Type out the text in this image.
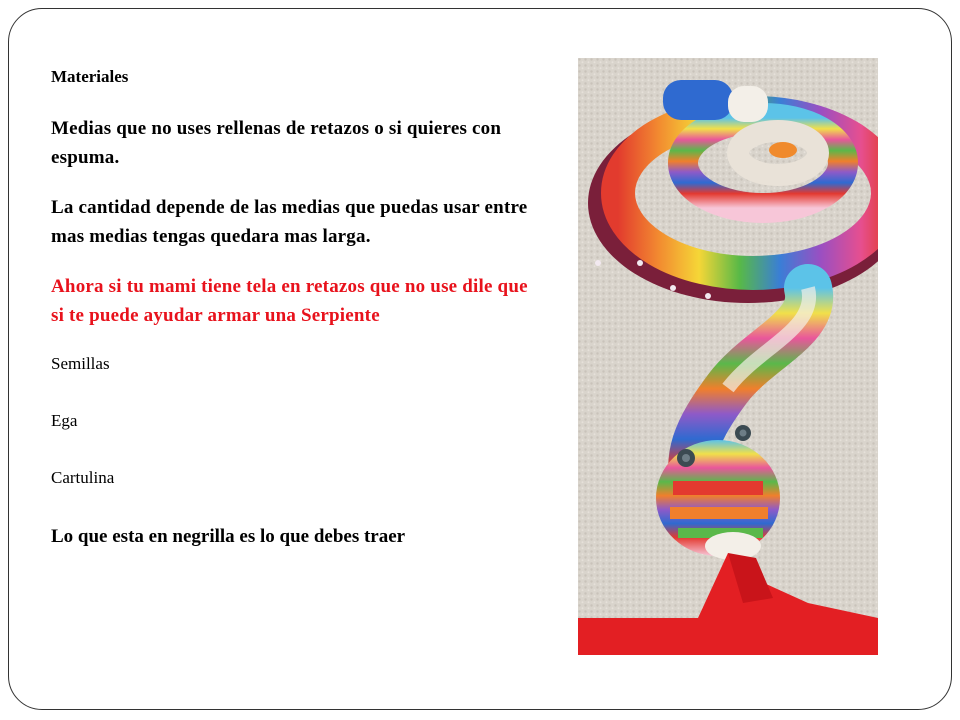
Materiales
Medias que no uses rellenas de retazos o si quieres con espuma.
La cantidad depende de las medias que puedas usar entre mas medias tengas quedara mas larga.
Ahora si tu mami tiene tela en retazos que no use dile que si te puede ayudar armar una Serpiente
Semillas
Ega
Cartulina
Lo que esta en negrilla es lo que debes traer
